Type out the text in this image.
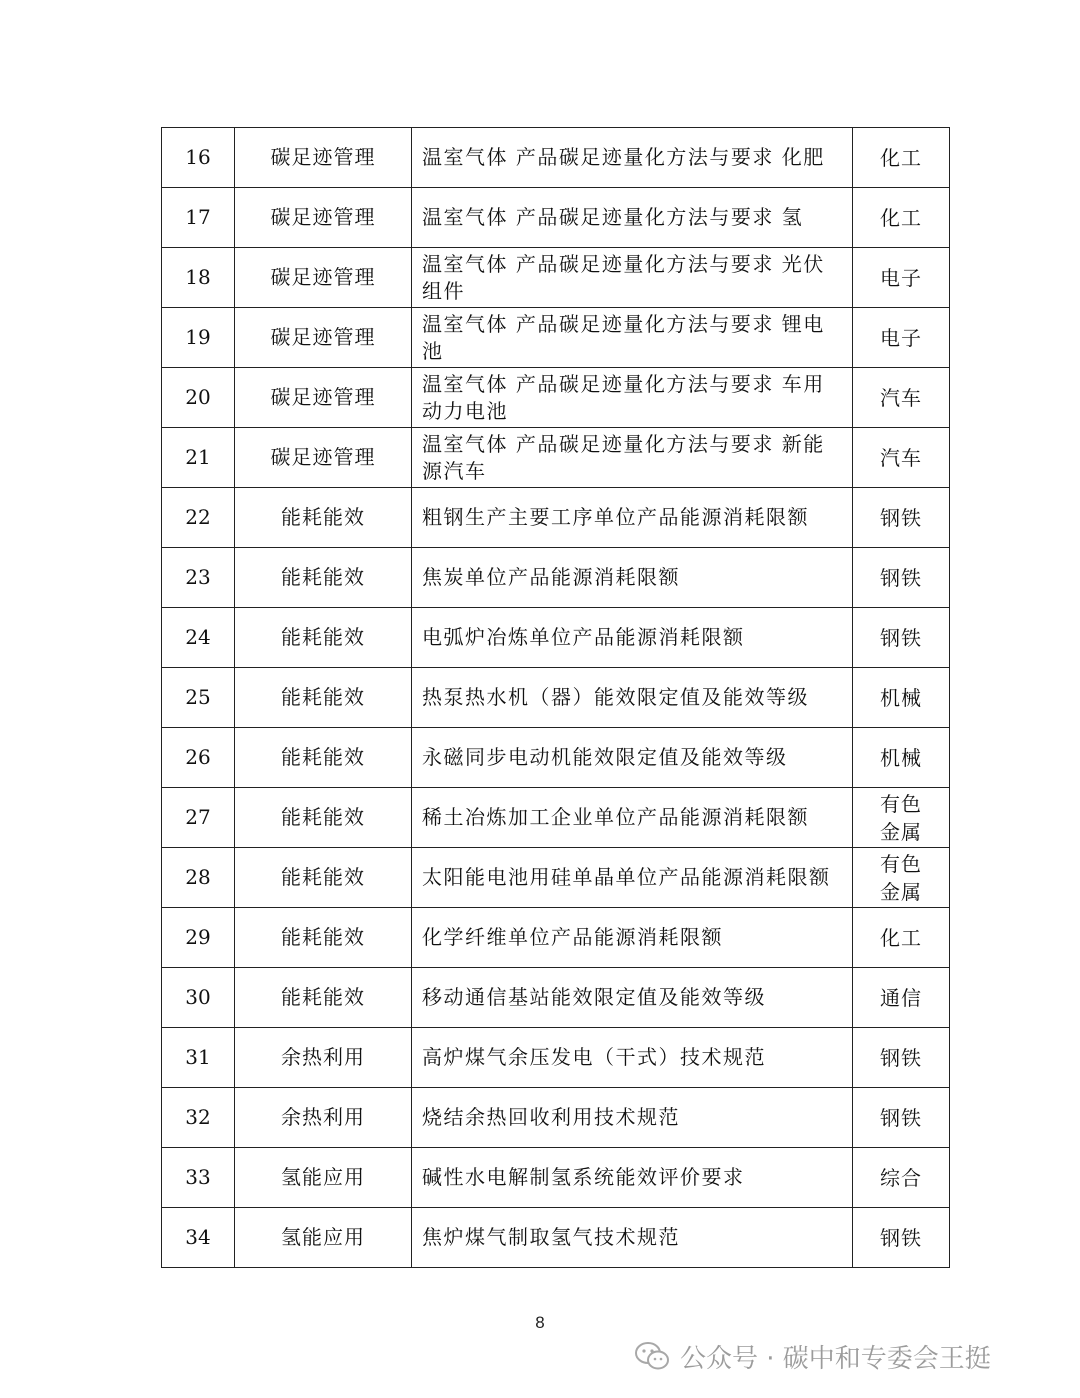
16	碳足迹管理	温室气体 产品碳足迹量化方法与要求 化肥	化工
17	碳足迹管理	温室气体 产品碳足迹量化方法与要求 氢	化工
18	碳足迹管理	温室气体 产品碳足迹量化方法与要求 光伏组件	电子
19	碳足迹管理	温室气体 产品碳足迹量化方法与要求 锂电池	电子
20	碳足迹管理	温室气体 产品碳足迹量化方法与要求 车用动力电池	汽车
21	碳足迹管理	温室气体 产品碳足迹量化方法与要求 新能源汽车	汽车
22	能耗能效	粗钢生产主要工序单位产品能源消耗限额	钢铁
23	能耗能效	焦炭单位产品能源消耗限额	钢铁
24	能耗能效	电弧炉冶炼单位产品能源消耗限额	钢铁
25	能耗能效	热泵热水机（器）能效限定值及能效等级	机械
26	能耗能效	永磁同步电动机能效限定值及能效等级	机械
27	能耗能效	稀土冶炼加工企业单位产品能源消耗限额	有色金属
28	能耗能效	太阳能电池用硅单晶单位产品能源消耗限额	有色金属
29	能耗能效	化学纤维单位产品能源消耗限额	化工
30	能耗能效	移动通信基站能效限定值及能效等级	通信
31	余热利用	高炉煤气余压发电（干式）技术规范	钢铁
32	余热利用	烧结余热回收利用技术规范	钢铁
33	氢能应用	碱性水电解制氢系统能效评价要求	综合
34	氢能应用	焦炉煤气制取氢气技术规范	钢铁
8
公众号 · 碳中和专委会王挺
